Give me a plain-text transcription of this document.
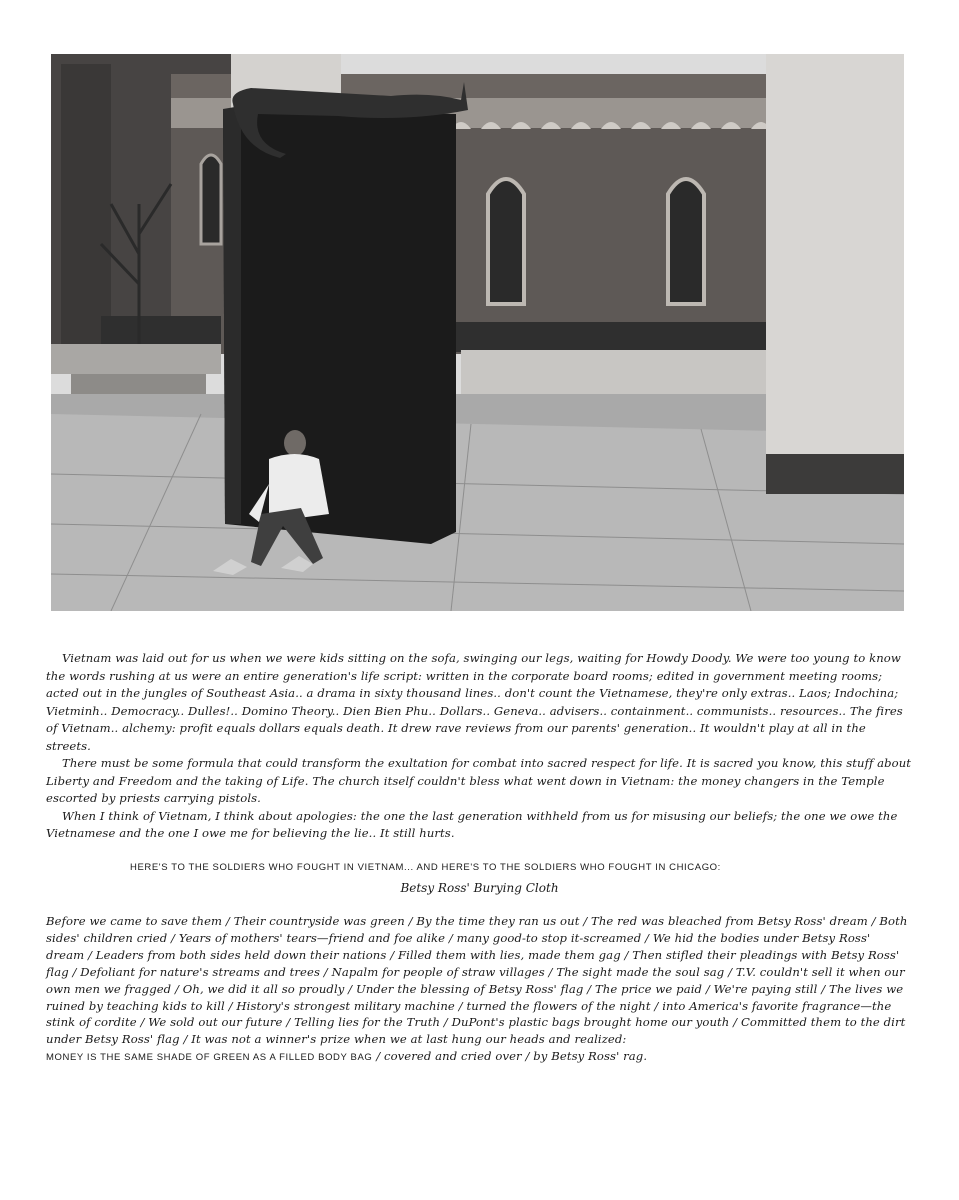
Vietnam was laid out for us when we were kids sitting on the sofa, swinging our legs, waiting for Howdy Doody. We were too young to know the words rushing at us were an entire generation's life script: written in the corporate board rooms; edited in government meeting rooms; acted out in the jungles of Southeast Asia.. a drama in sixty thousand lines.. don't count the Vietnamese, they're only extras.. Laos; Indochina; Vietminh.. Democracy.. Dulles!.. Domino Theory.. Dien Bien Phu.. Dollars.. Geneva.. advisers.. containment.. communists.. resources.. The fires of Vietnam.. alchemy: profit equals dollars equals death. It drew rave reviews from our parents' generation.. It wouldn't play at all in the streets.

There must be some formula that could transform the exultation for combat into sacred respect for life. It is sacred you know, this stuff about Liberty and Freedom and the taking of Life. The church itself couldn't bless what went down in Vietnam: the money changers in the Temple escorted by priests carrying pistols.

When I think of Vietnam, I think about apologies: the one the last generation withheld from us for misusing our beliefs; the one we owe the Vietnamese and the one I owe me for believing the lie.. It still hurts.

HERE'S TO THE SOLDIERS WHO FOUGHT IN VIETNAM... AND HERE'S TO THE SOLDIERS WHO FOUGHT IN CHICAGO:
Betsy Ross' Burying Cloth

Before we came to save them / Their countryside was green / By the time they ran us out / The red was bleached from Betsy Ross' dream / Both sides' children cried / Years of mothers' tears—friend and foe alike / many good-to stop it-screamed / We hid the bodies under Betsy Ross' dream / Leaders from both sides held down their nations / Filled them with lies, made them gag / Then stifled their pleadings with Betsy Ross' flag / Defoliant for nature's streams and trees / Napalm for people of straw villages / The sight made the soul sag / T.V. couldn't sell it when our own men we fragged / Oh, we did it all so proudly / Under the blessing of Betsy Ross' flag / The price we paid / We're paying still / The lives we ruined by teaching kids to kill / History's strongest military machine / turned the flowers of the night / into America's favorite fragrance—the stink of cordite / We sold out our future / Telling lies for the Truth / DuPont's plastic bags brought home our youth / Committed them to the dirt under Betsy Ross' flag / It was not a winner's prize when we at last hung our heads and realized: MONEY IS THE SAME SHADE OF GREEN AS A FILLED BODY BAG / covered and cried over / by Betsy Ross' rag.
